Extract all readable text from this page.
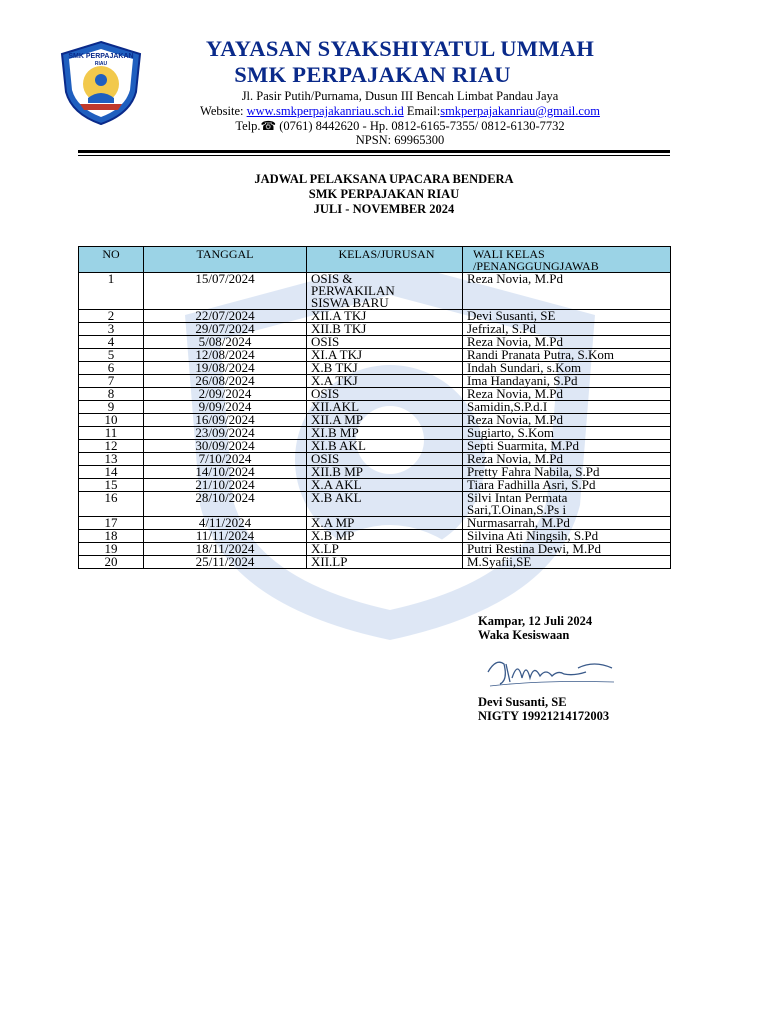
SMK PERPAJAKAN
RIAU
YAYASAN SYAKSHIYATUL UMMAH
SMK PERPAJAKAN RIAU
Jl. Pasir Putih/Purnama, Dusun III Bencah Limbat Pandau Jaya
Website: www.smkperpajakanriau.sch.id Email:smkperpajakanriau@gmail.com
Telp.☎ (0761) 8442620 - Hp. 0812-6165-7355/ 0812-6130-7732
NPSN: 69965300
JADWAL PELAKSANA UPACARA BENDERA
SMK PERPAJAKAN RIAU
JULI - NOVEMBER 2024
NO	TANGGAL	KELAS/JURUSAN	WALI KELAS
/PENANGGUNGJAWAB

1	15/07/2024	OSIS &
PERWAKILAN
SISWA BARU	Reza Novia, M.Pd

2	22/07/2024	XII.A TKJ	Devi Susanti, SE

3	29/07/2024	XII.B TKJ	Jefrizal, S.Pd

4	5/08/2024	OSIS	Reza Novia, M.Pd

5	12/08/2024	XI.A TKJ	Randi Pranata Putra, S.Kom

6	19/08/2024	X.B TKJ	Indah Sundari, s.Kom

7	26/08/2024	X.A TKJ	Ima Handayani, S.Pd

8	2/09/2024	OSIS	Reza Novia, M.Pd

9	9/09/2024	XII.AKL	Samidin,S.P.d.I

10	16/09/2024	XII.A MP	Reza Novia, M.Pd

11	23/09/2024	XI.B MP	Sugiarto, S.Kom

12	30/09/2024	XI.B AKL	Septi Suarmita, M.Pd

13	7/10/2024	OSIS	Reza Novia, M.Pd

14	14/10/2024	XII.B MP	Pretty Fahra Nabila, S.Pd

15	21/10/2024	X.A AKL	Tiara Fadhilla Asri, S.Pd

16	28/10/2024	X.B AKL	Silvi Intan Permata
Sari,T.Oinan,S.Ps i

17	4/11/2024	X.A MP	Nurmasarrah, M.Pd

18	11/11/2024	X.B MP	Silvina Ati Ningsih, S.Pd

19	18/11/2024	X.LP	Putri Restina Dewi, M.Pd

20	25/11/2024	XII.LP	M.Syafii,SE
Kampar, 12 Juli 2024
Waka Kesiswaan
Devi Susanti, SE
NIGTY 19921214172003
